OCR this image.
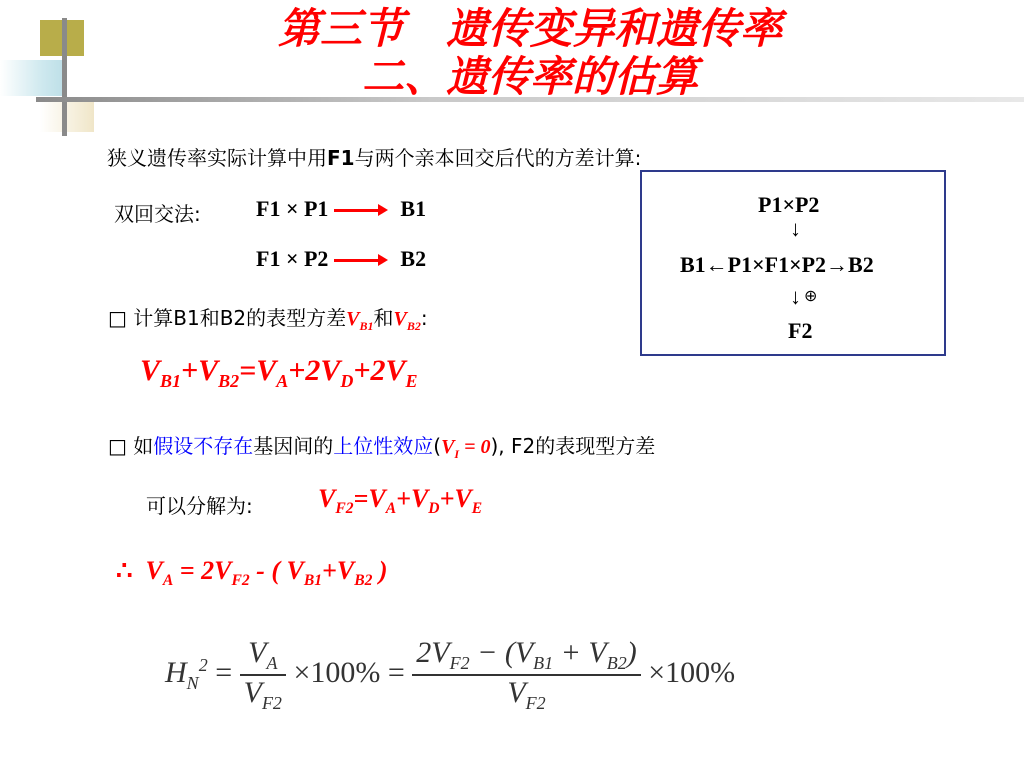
第三节　遗传变异和遗传率
二、遗传率的估算
狭义遗传率实际计算中用F1与两个亲本回交后代的方差计算:
双回交法:	F1 × P1	B1
F1 × P2	B2
P1×P2
↓
B1←P1×F1×P2→B2
↓ ⊕
F2
□ 计算B1和B2的表型方差$V_{B1}$和$V_{B2}$:
$V_{B1}+V_{B2}=V_A+2V_D+2V_E$
□ 如假设不存在基因间的上位性效应$(V_I = 0)$, F2的表现型方差
可以分解为:	$V_{F2}=V_A+V_D+V_E$
∴  $V_A = 2V_{F2}$ - ( $V_{B1}+V_{B2}$ )
$H_N^2 = \frac{V_A}{V_{F2}} \times 100\% = \frac{2V_{F2} - (V_{B1} + V_{B2})}{V_{F2}} \times 100\%$
